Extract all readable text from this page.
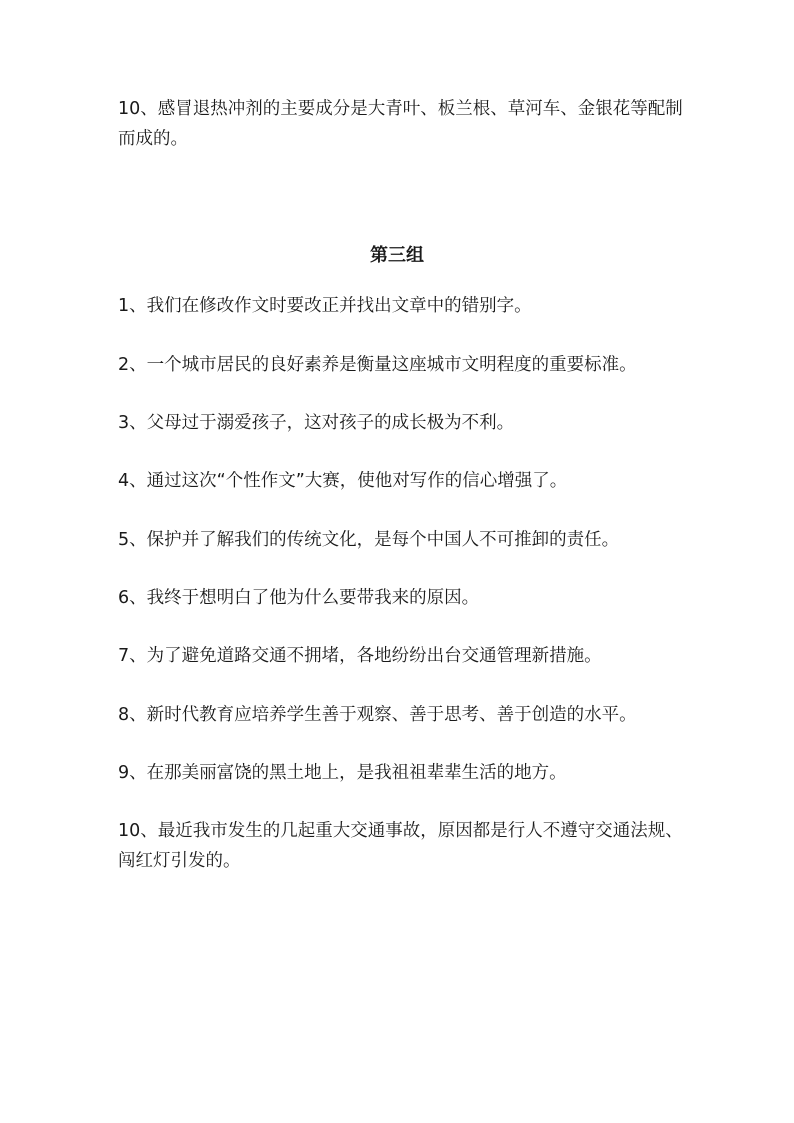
10、感冒退热冲剂的主要成分是大青叶、板兰根、草河车、金银花等配制而成的。

第三组

1、我们在修改作文时要改正并找出文章中的错别字。

2、一个城市居民的良好素养是衡量这座城市文明程度的重要标准。

3、父母过于溺爱孩子，这对孩子的成长极为不利。

4、通过这次“个性作文”大赛，使他对写作的信心增强了。

5、保护并了解我们的传统文化，是每个中国人不可推卸的责任。

6、我终于想明白了他为什么要带我来的原因。

7、为了避免道路交通不拥堵，各地纷纷出台交通管理新措施。

8、新时代教育应培养学生善于观察、善于思考、善于创造的水平。

9、在那美丽富饶的黑土地上，是我祖祖辈辈生活的地方。

10、最近我市发生的几起重大交通事故，原因都是行人不遵守交通法规、闯红灯引发的。
